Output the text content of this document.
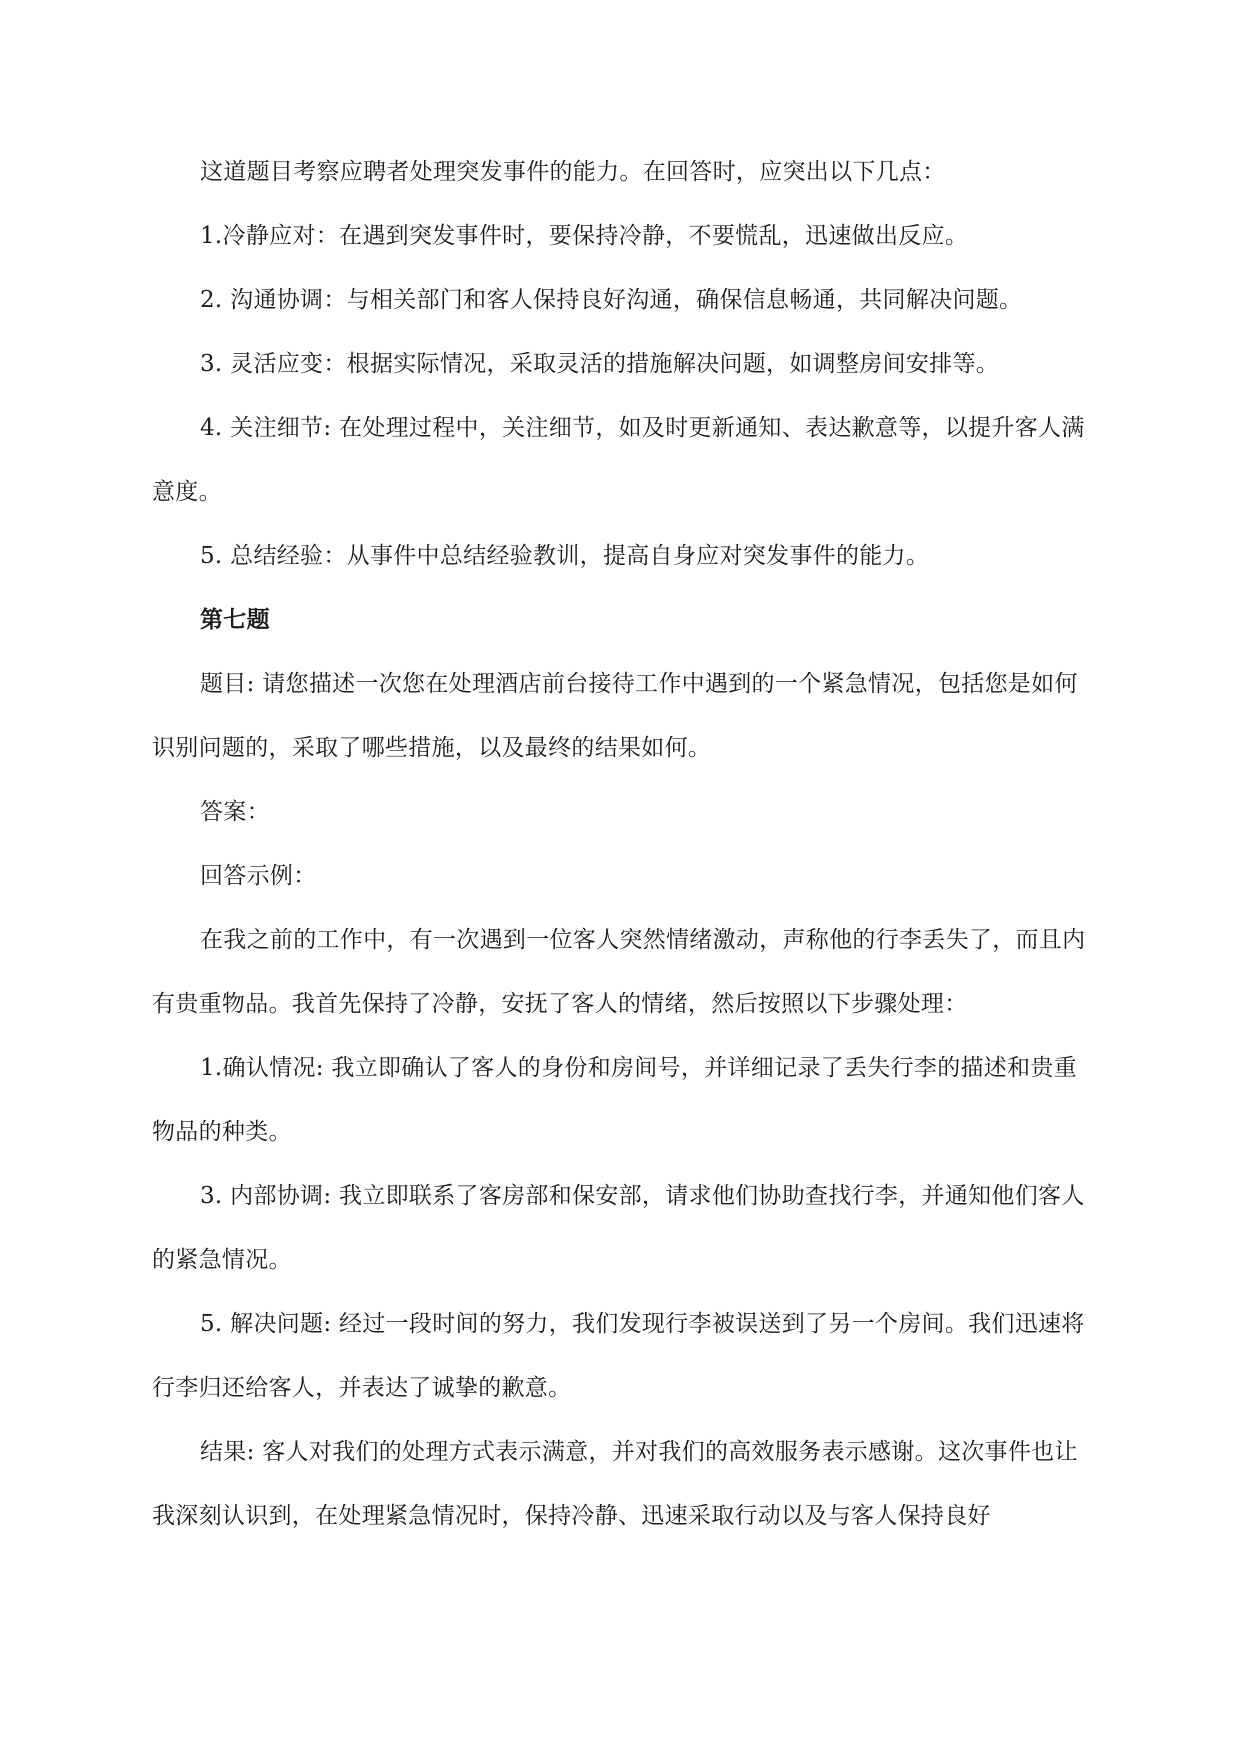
这道题目考察应聘者处理突发事件的能力。在回答时，应突出以下几点：

1.冷静应对：在遇到突发事件时，要保持冷静，不要慌乱，迅速做出反应。

2. 沟通协调：与相关部门和客人保持良好沟通，确保信息畅通，共同解决问题。

3. 灵活应变：根据实际情况，采取灵活的措施解决问题，如调整房间安排等。

4. 关注细节: 在处理过程中，关注细节，如及时更新通知、表达歉意等，以提升客人满意度。

5. 总结经验：从事件中总结经验教训，提高自身应对突发事件的能力。

第七题

题目: 请您描述一次您在处理酒店前台接待工作中遇到的一个紧急情况，包括您是如何识别问题的，采取了哪些措施，以及最终的结果如何。

答案：

回答示例：

在我之前的工作中，有一次遇到一位客人突然情绪激动，声称他的行李丢失了，而且内有贵重物品。我首先保持了冷静，安抚了客人的情绪，然后按照以下步骤处理：

1.确认情况: 我立即确认了客人的身份和房间号，并详细记录了丢失行李的描述和贵重物品的种类。

3. 内部协调: 我立即联系了客房部和保安部，请求他们协助查找行李，并通知他们客人的紧急情况。

5. 解决问题: 经过一段时间的努力，我们发现行李被误送到了另一个房间。我们迅速将行李归还给客人，并表达了诚挚的歉意。

结果: 客人对我们的处理方式表示满意，并对我们的高效服务表示感谢。这次事件也让我深刻认识到，在处理紧急情况时，保持冷静、迅速采取行动以及与客人保持良好
